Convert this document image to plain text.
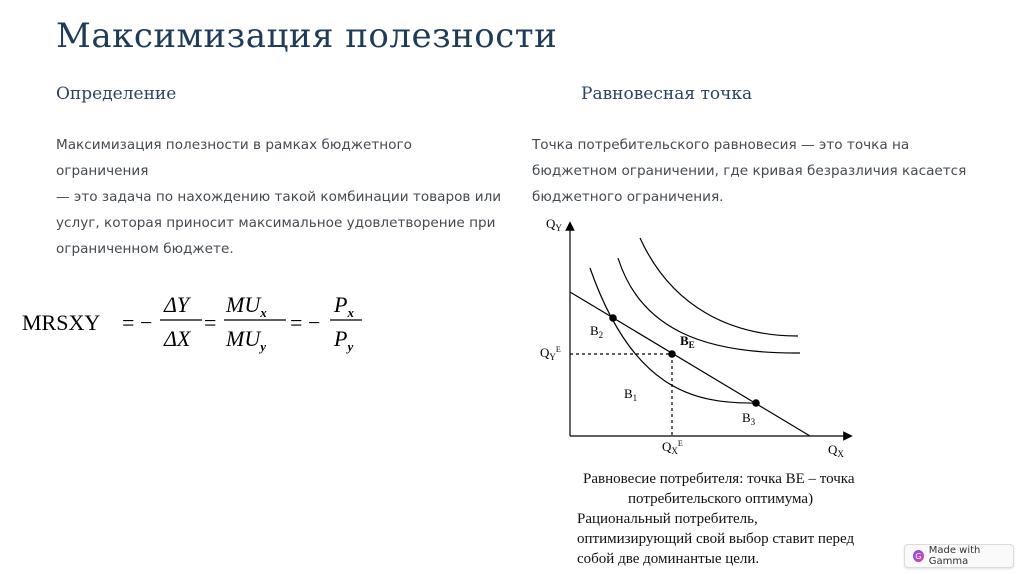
Максимизация полезности
Определение	Равновесная точка
Максимизация полезности в рамках бюджетного ограничения
— это задача по нахождению такой комбинации товаров или
услуг, которая приносит максимальное удовлетворение при
ограниченном бюджете.
Точка потребительского равновесия — это точка на
бюджетном ограничении, где кривая безразличия касается
бюджетного ограничения.
MRSXY = −
ΔY
ΔX
=
$MU_x$
$MU_y$
= −
$P_x$
$P_y$
$Q_Y$
$Q_X$
$Q_Y^E$
$Q_X^E$
$B_2$	$B_E$
$B_1$
$B_3$
Равновесие потребителя: точка BE – точка
потребительского оптимума)
Рациональный потребитель,
оптимизирующий свой выбор ставит перед
собой две доминантые цели.	G Made with Gamma
